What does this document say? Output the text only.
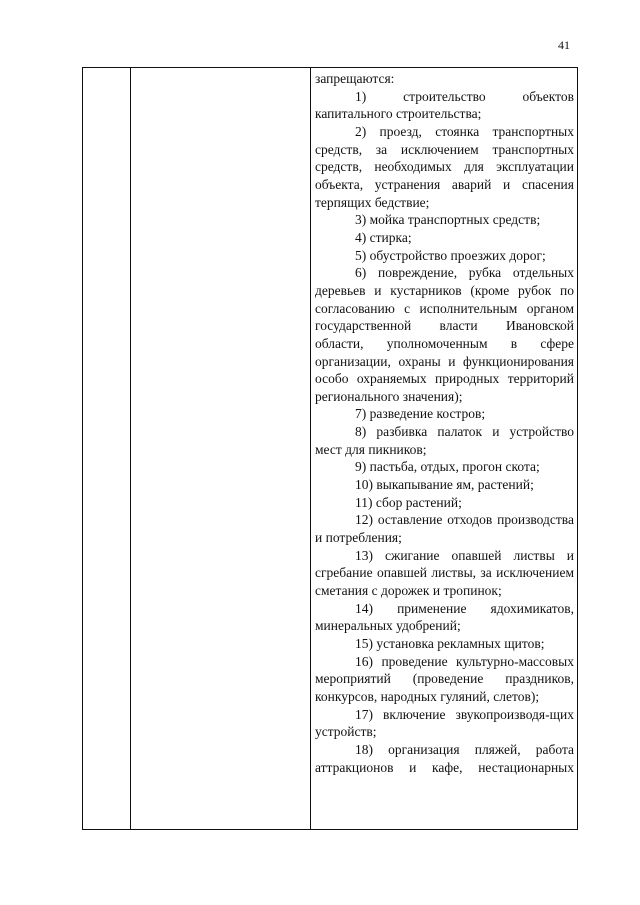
41

запрещаются:

1) строительство объектов капитального строительства;

2) проезд, стоянка транспортных средств, за исключением транспортных средств, необходимых для эксплуатации объекта, устранения аварий и спасения терпящих бедствие;

3) мойка транспортных средств;

4) стирка;

5) обустройство проезжих дорог;

6) повреждение, рубка отдельных деревьев и кустарников (кроме рубок по согласованию с исполнительным органом государственной власти Ивановской области, уполномоченным в сфере организации, охраны и функционирования особо охраняемых природных территорий регионального значения);

7) разведение костров;

8) разбивка палаток и устройство мест для пикников;

9) пастьба, отдых, прогон скота;

10) выкапывание ям, растений;

11) сбор растений;

12) оставление отходов производства и потребления;

13) сжигание опавшей листвы и сгребание опавшей листвы, за исключением сметания с дорожек и тропинок;

14) применение ядохимикатов, минеральных удобрений;

15) установка рекламных щитов;

16) проведение культурно-массовых мероприятий (проведение праздников, конкурсов, народных гуляний, слетов);

17) включение звукопроизводя-щих устройств;

18) организация пляжей, работа аттракционов и кафе, нестационарных
